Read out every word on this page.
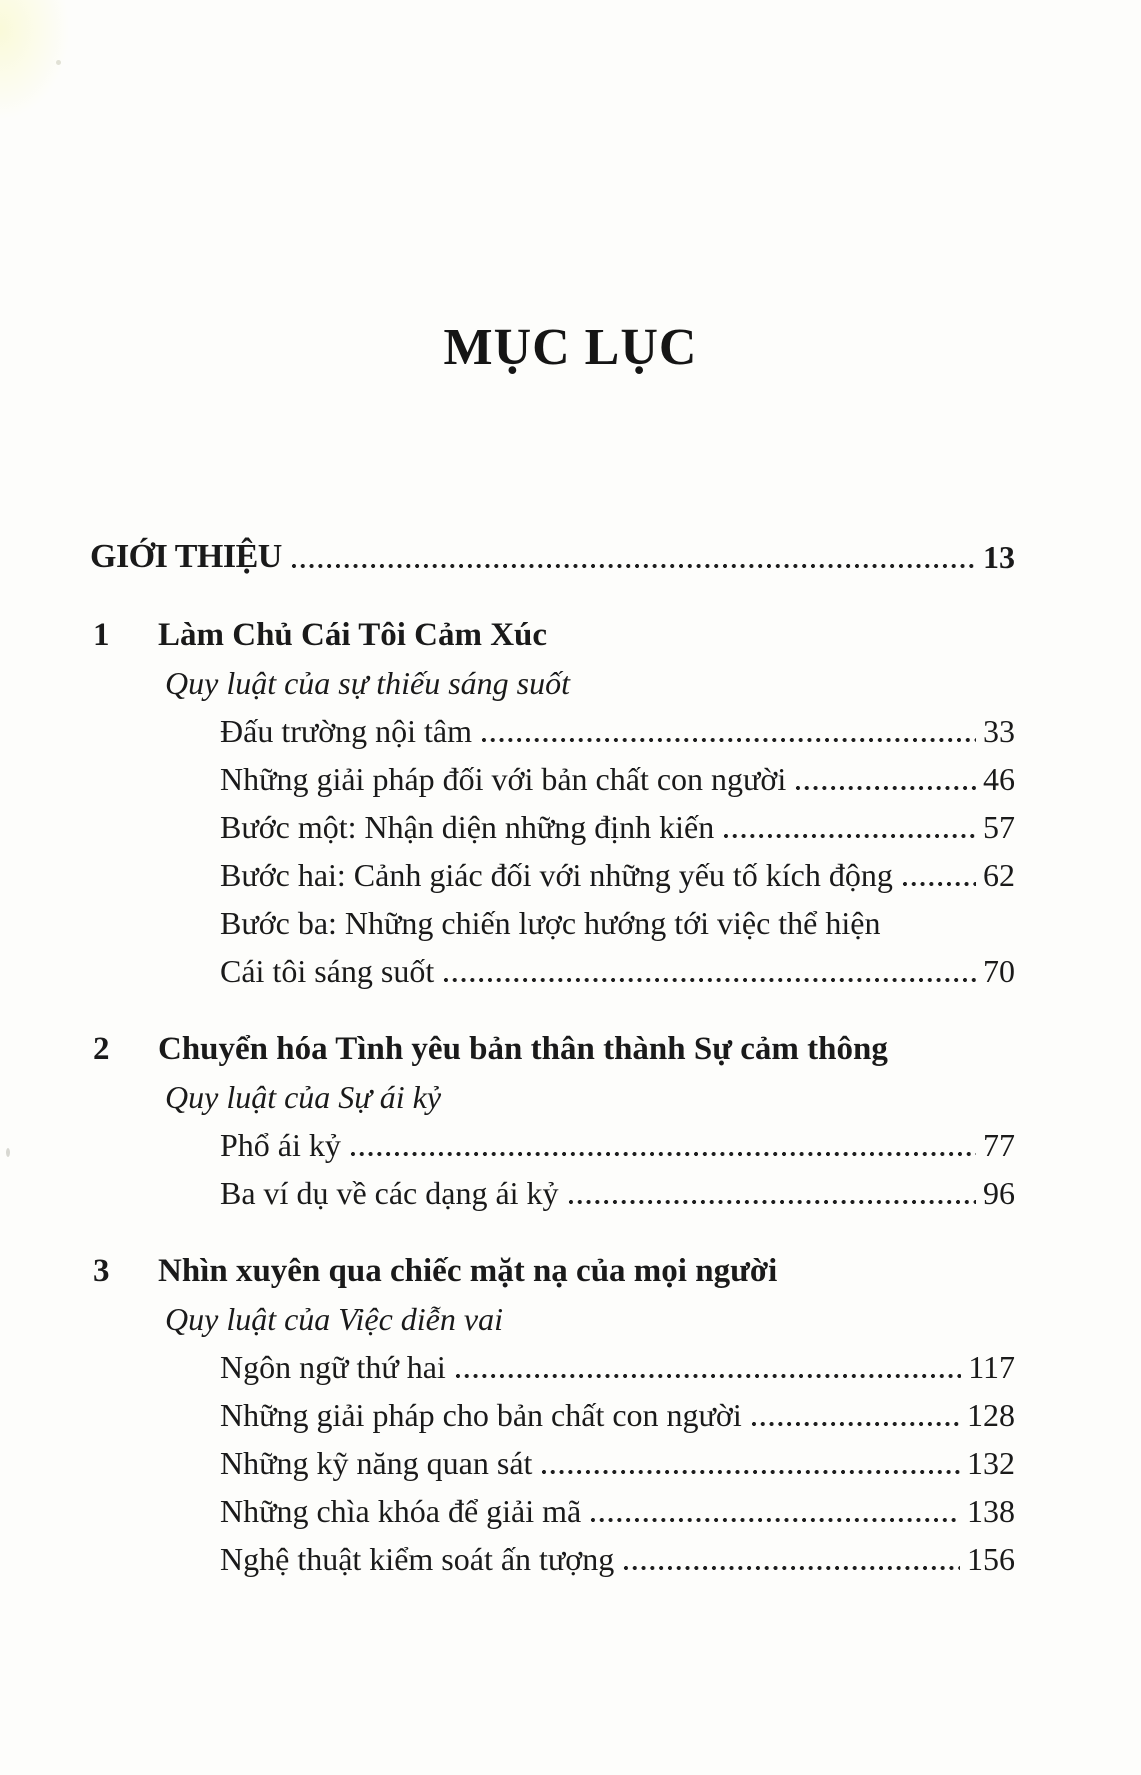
MỤC LỤC
GIỚI THIỆU	13
1	Làm Chủ Cái Tôi Cảm Xúc
Quy luật của sự thiếu sáng suốt
Đấu trường nội tâm	33
Những giải pháp đối với bản chất con người	46
Bước một: Nhận diện những định kiến	57
Bước hai: Cảnh giác đối với những yếu tố kích động	62
Bước ba: Những chiến lược hướng tới việc thể hiện
Cái tôi sáng suốt	70
2	Chuyển hóa Tình yêu bản thân thành Sự cảm thông
Quy luật của Sự ái kỷ
Phổ ái kỷ	77
Ba ví dụ về các dạng ái kỷ	96
3	Nhìn xuyên qua chiếc mặt nạ của mọi người
Quy luật của Việc diễn vai
Ngôn ngữ thứ hai	117
Những giải pháp cho bản chất con người	128
Những kỹ năng quan sát	132
Những chìa khóa để giải mã	138
Nghệ thuật kiểm soát ấn tượng	156
